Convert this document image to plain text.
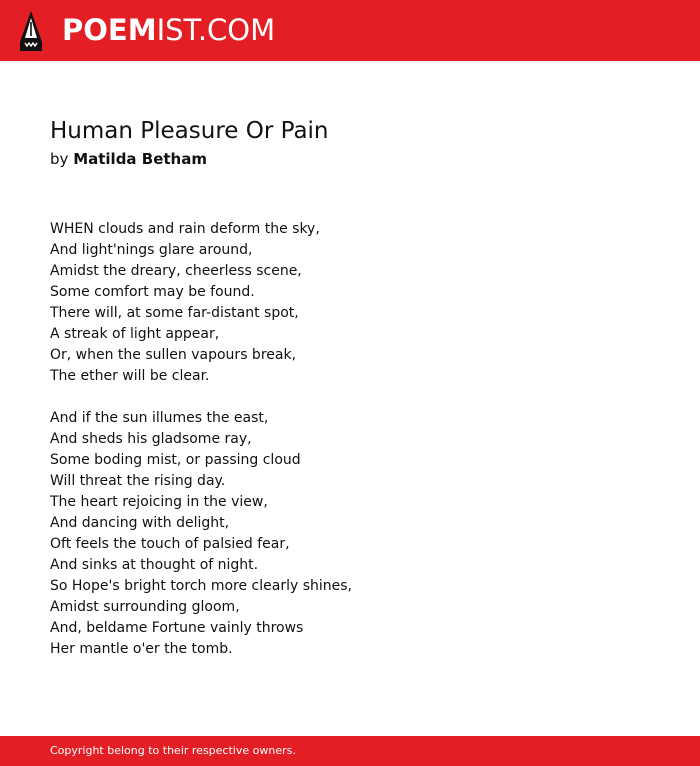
POEMIST.COM
Human Pleasure Or Pain
by Matilda Betham
WHEN clouds and rain deform the sky,
And light'nings glare around,
Amidst the dreary, cheerless scene,
Some comfort may be found.
There will, at some far-distant spot,
A streak of light appear,
Or, when the sullen vapours break,
The ether will be clear.
And if the sun illumes the east,
And sheds his gladsome ray,
Some boding mist, or passing cloud
Will threat the rising day.
The heart rejoicing in the view,
And dancing with delight,
Oft feels the touch of palsied fear,
And sinks at thought of night.
So Hope's bright torch more clearly shines,
Amidst surrounding gloom,
And, beldame Fortune vainly throws
Her mantle o'er the tomb.
Copyright belong to their respective owners.
